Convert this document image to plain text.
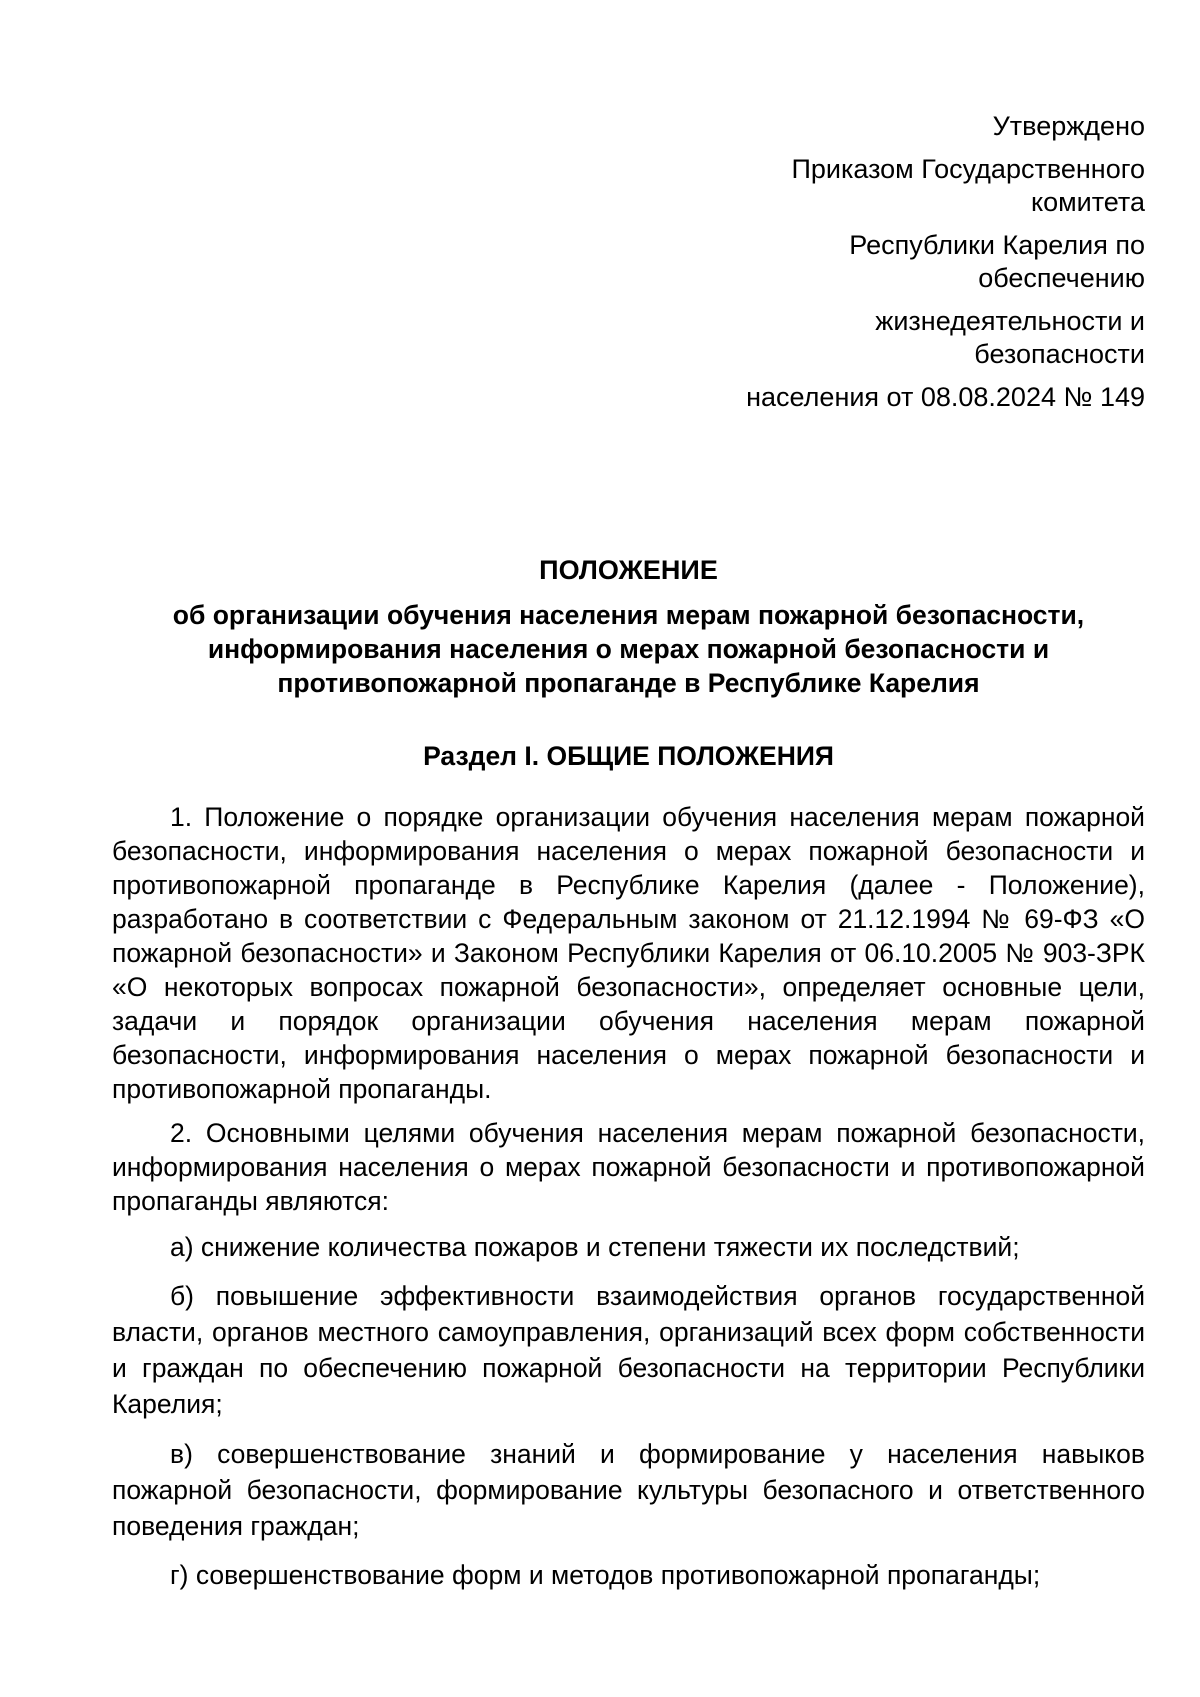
Утверждено
Приказом Государственного комитета
Республики Карелия по обеспечению
жизнедеятельности и безопасности
населения от 08.08.2024 № 149
ПОЛОЖЕНИЕ
об организации обучения населения мерам пожарной безопасности,
информирования населения о мерах пожарной безопасности и
противопожарной пропаганде в Республике Карелия
Раздел I. ОБЩИЕ ПОЛОЖЕНИЯ

1. Положение о порядке организации обучения населения мерам пожарной безопасности, информирования населения о мерах пожарной безопасности и противопожарной пропаганде в Республике Карелия (далее - Положение), разработано в соответствии с Федеральным законом от 21.12.1994 № 69-ФЗ «О пожарной безопасности» и Законом Республики Карелия от 06.10.2005 № 903-ЗРК «О некоторых вопросах пожарной безопасности», определяет основные цели, задачи и порядок организации обучения населения мерам пожарной безопасности, информирования населения о мерах пожарной безопасности и противопожарной пропаганды.

2. Основными целями обучения населения мерам пожарной безопасности, информирования населения о мерах пожарной безопасности и противопожарной пропаганды являются:

а) снижение количества пожаров и степени тяжести их последствий;

б) повышение эффективности взаимодействия органов государственной власти, органов местного самоуправления, организаций всех форм собственности и граждан по обеспечению пожарной безопасности на территории Республики Карелия;

в) совершенствование знаний и формирование у населения навыков пожарной безопасности, формирование культуры безопасного и ответственного поведения граждан;

г) совершенствование форм и методов противопожарной пропаганды;
